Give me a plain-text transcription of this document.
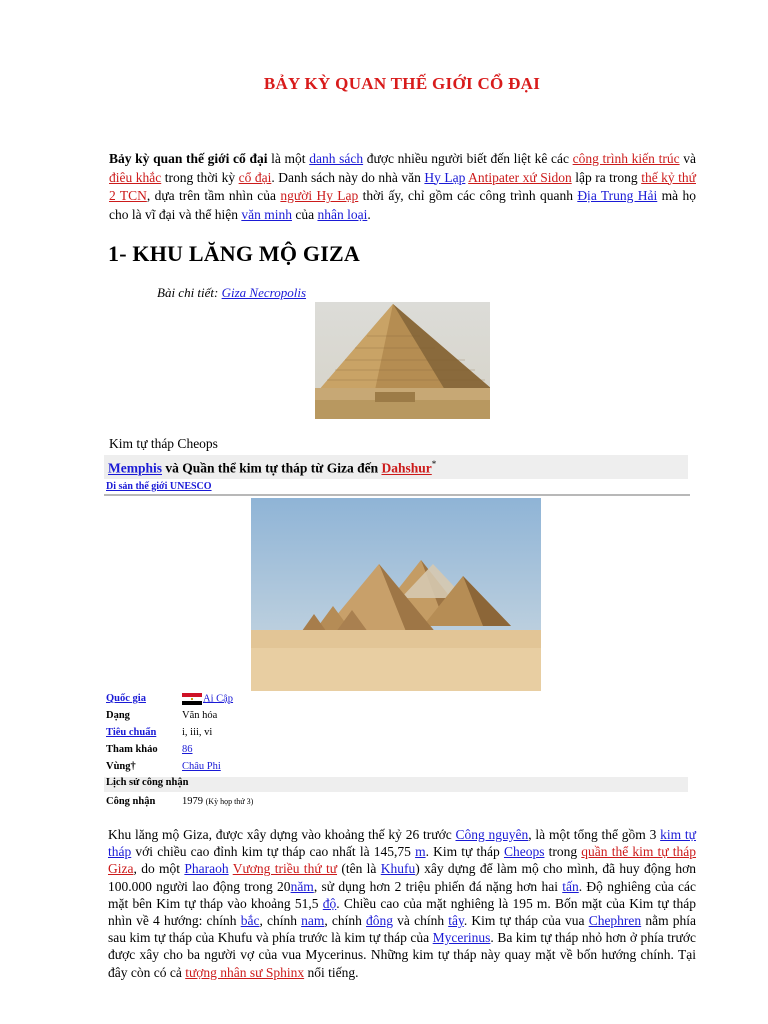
BẢY KỲ QUAN THẾ GIỚI CỔ ĐẠI
Bảy kỳ quan thế giới cổ đại là một danh sách được nhiều người biết đến liệt kê các công trình kiến trúc và điêu khắc trong thời kỳ cổ đại. Danh sách này do nhà văn Hy Lạp Antipater xứ Sidon lập ra trong thế kỷ thứ 2 TCN, dựa trên tầm nhìn của người Hy Lạp thời ấy, chỉ gồm các công trình quanh Địa Trung Hải mà họ cho là vĩ đại và thể hiện văn minh của nhân loại.
1- KHU LĂNG MỘ GIZA
Bài chi tiết: Giza Necropolis
Kim tự tháp Cheops
Memphis và Quần thể kim tự tháp từ Giza đến Dahshur*
Di sản thế giới UNESCO
Quốc gia	Ai Cập
Dạng	Văn hóa
Tiêu chuẩn i, iii, vi
Tham khảo 86
Vùng†	Châu Phi
Lịch sử công nhận
Công nhận	1979 (Kỳ họp thứ 3)
Khu lăng mộ Giza, được xây dựng vào khoảng thế kỷ 26 trước Công nguyên, là một tổng thể gồm 3 kim tự tháp với chiều cao đỉnh kim tự tháp cao nhất là 145,75 m. Kim tự tháp Cheops trong quần thể kim tự tháp Giza, do một Pharaoh Vương triều thứ tư (tên là Khufu) xây dựng để làm mộ cho mình, đã huy động hơn 100.000 người lao động trong 20năm, sử dụng hơn 2 triệu phiến đá nặng hơn hai tấn. Độ nghiêng của các mặt bên Kim tự tháp vào khoảng 51,5 độ. Chiều cao của mặt nghiêng là 195 m. Bốn mặt của Kim tự tháp nhìn về 4 hướng: chính bắc, chính nam, chính đông và chính tây. Kim tự tháp của vua Chephren nằm phía sau kim tự tháp của Khufu và phía trước là kim tự tháp của Mycerinus. Ba kim tự tháp nhỏ hơn ở phía trước được xây cho ba người vợ của vua Mycerinus. Những kim tự tháp này quay mặt về bốn hướng chính. Tại đây còn có cả tượng nhân sư Sphinx nổi tiếng.
